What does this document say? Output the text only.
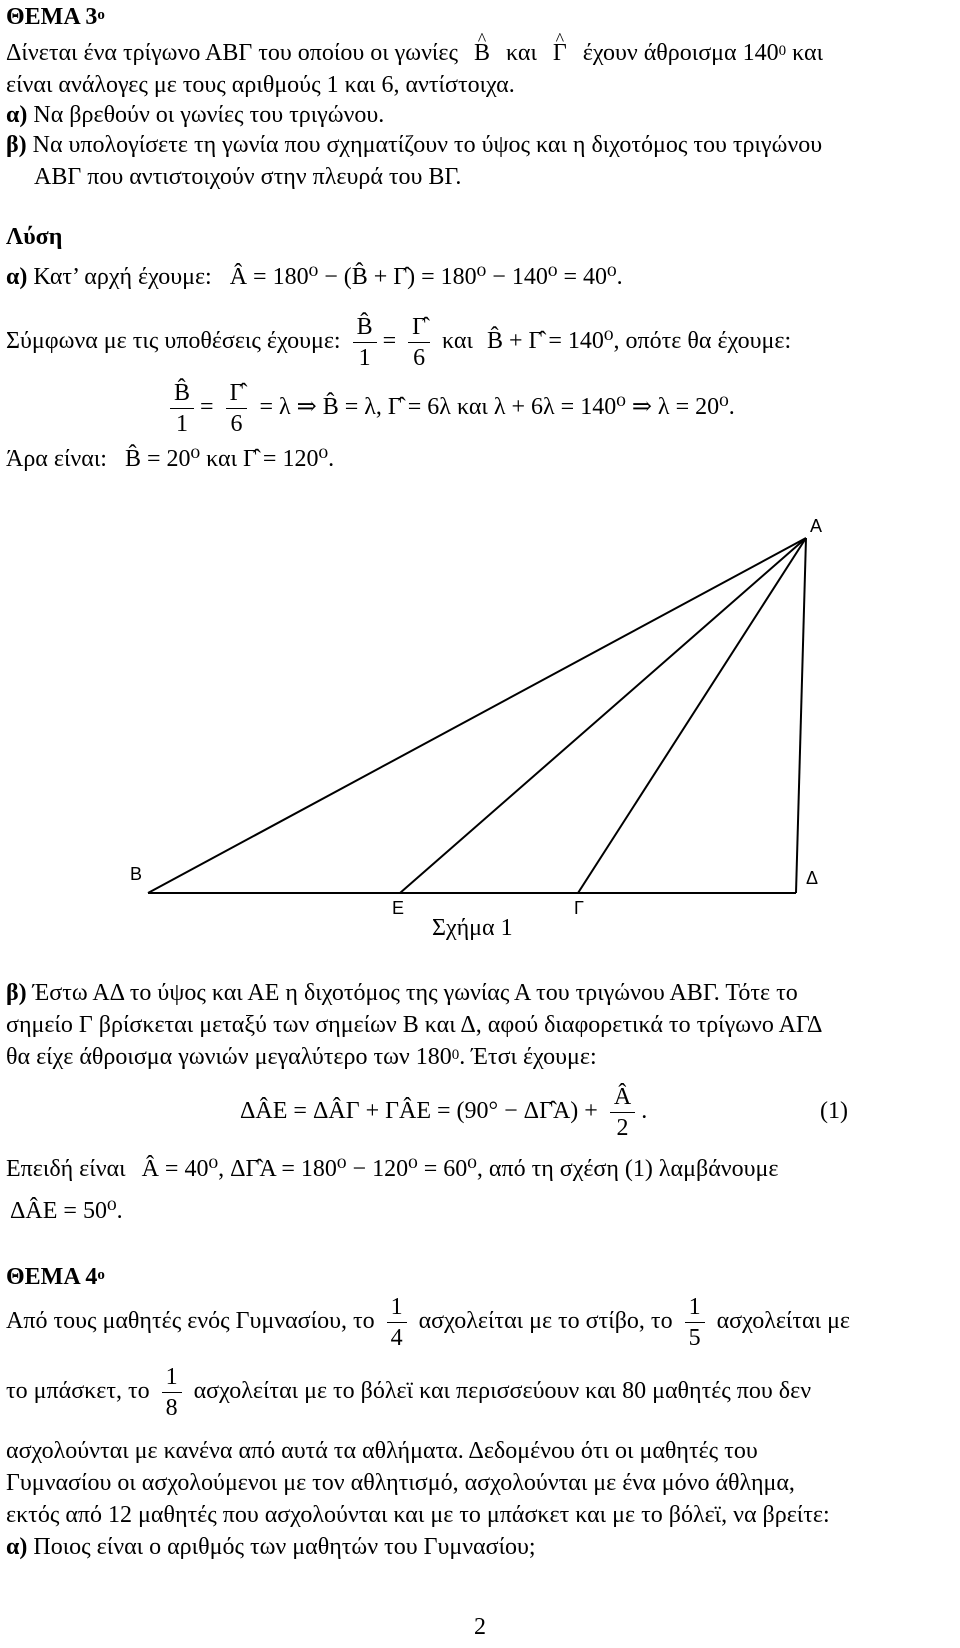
ΘΕΜΑ $3^o$
Δίνεται ένα τρίγωνο ΑΒΓ του οποίου οι γωνίες ^ B και ^ Γ έχουν άθροισμα $140^0$ και
είναι ανάλογες με τους αριθμούς 1 και 6, αντίστοιχα.
α) Να βρεθούν οι γωνίες του τριγώνου.
β) Να υπολογίσετε τη γωνία που σχηματίζουν το ύψος και η διχοτόμος του τριγώνου
ΑΒΓ που αντιστοιχούν στην πλευρά του ΒΓ.
Λύση
α) Κατ’ αρχή έχουμε: Â = 180⁰ − (B̂ + Γ̂) = 180⁰ − 140⁰ = 40⁰.
Σύμφωνα με τις υποθέσεις έχουμε: $\frac{B̂}{1} = \frac{\Gammâ}{6}$ και B̂ + Γ̂ = 140⁰, οπότε θα έχουμε:
$\frac{B̂}{1} = \frac{\Gammâ}{6} = \lambda$ ⇒ B̂ = λ, Γ̂ = 6λ και λ + 6λ = 140⁰ ⇒ λ = 20⁰.
Άρα είναι: B̂ = 20⁰ και Γ̂ = 120⁰.
A
B
E	Γ
Δ
Σχήμα 1
β) Έστω ΑΔ το ύψος και ΑΕ η διχοτόμος της γωνίας Α του τριγώνου ΑΒΓ. Τότε το
σημείο Γ βρίσκεται μεταξύ των σημείων Β και Δ, αφού διαφορετικά το τρίγωνο ΑΓΔ
θα είχε άθροισμα γωνιών μεγαλύτερο των $180^0$. Έτσι έχουμε:
ΔÂE = ΔÂΓ + ΓÂE = (90° − ΔΓ̂A) + $\frac{Â}{2}$ .	(1)
Επειδή είναι Â = 40⁰, ΔΓ̂A = 180⁰ − 120⁰ = 60⁰, από τη σχέση (1) λαμβάνουμε
ΔÂE = 50⁰.
ΘΕΜΑ $4^o$
Από τους μαθητές ενός Γυμνασίου, το $\frac{1}{4}$ ασχολείται με το στίβο, το $\frac{1}{5}$ ασχολείται με
το μπάσκετ, το $\frac{1}{8}$ ασχολείται με το βόλεϊ και περισσεύουν και 80 μαθητές που δεν
ασχολούνται με κανένα από αυτά τα αθλήματα. Δεδομένου ότι οι μαθητές του
Γυμνασίου οι ασχολούμενοι με τον αθλητισμό, ασχολούνται με ένα μόνο άθλημα,
εκτός από 12 μαθητές που ασχολούνται και με το μπάσκετ και με το βόλεϊ, να βρείτε:
α) Ποιος είναι ο αριθμός των μαθητών του Γυμνασίου;
2
